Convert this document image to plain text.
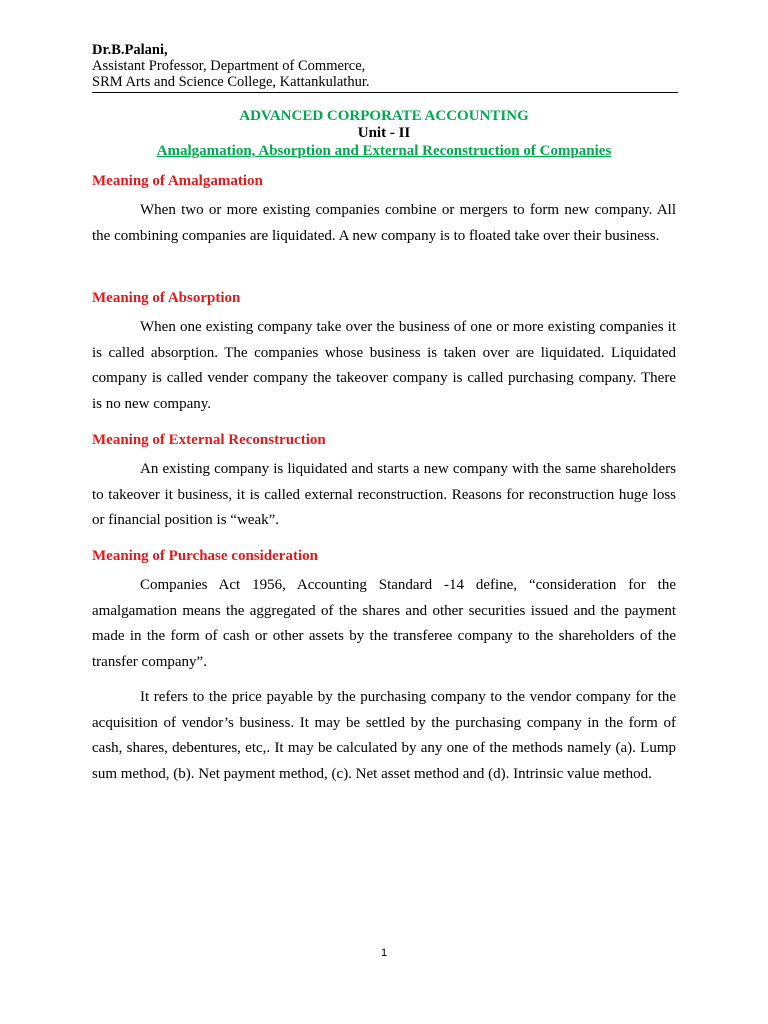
Dr.B.Palani,
Assistant Professor, Department of Commerce,
SRM Arts and Science College, Kattankulathur.
ADVANCED CORPORATE ACCOUNTING
Unit - II
Amalgamation, Absorption and External Reconstruction of Companies
Meaning of Amalgamation

When two or more existing companies combine or mergers to form new company. All the combining companies are liquidated. A new company is to floated take over their business.

Meaning of Absorption

When one existing company take over the business of one or more existing companies it is called absorption. The companies whose business is taken over are liquidated. Liquidated company is called vender company the takeover company is called purchasing company. There is no new company.

Meaning of External Reconstruction

An existing company is liquidated and starts a new company with the same shareholders to takeover it business, it is called external reconstruction. Reasons for reconstruction huge loss or financial position is “weak”.

Meaning of Purchase consideration

Companies Act 1956, Accounting Standard -14 define, “consideration for the amalgamation means the aggregated of the shares and other securities issued and the payment made in the form of cash or other assets by the transferee company to the shareholders of the transfer company”.

It refers to the price payable by the purchasing company to the vendor company for the acquisition of vendor’s business. It may be settled by the purchasing company in the form of cash, shares, debentures, etc,. It may be calculated by any one of the methods namely (a). Lump sum method, (b). Net payment method, (c). Net asset method and (d). Intrinsic value method.

1
